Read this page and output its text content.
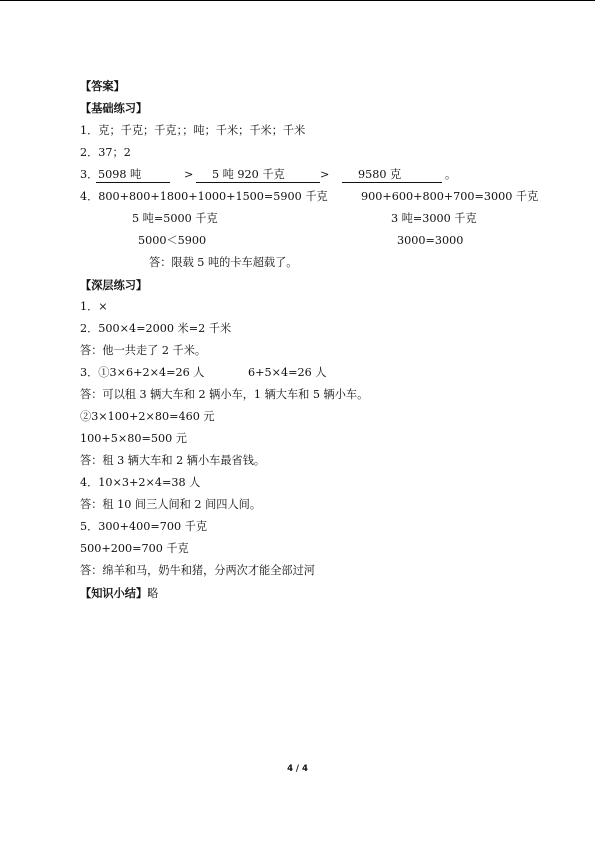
【答案】
【基础练习】
1．克；千克；千克；；吨；千米；千米；千米
2．37；2
3． 5098 吨	>	5 吨 920 千克	>	9580 克	。
4．800+800+1800+1000+1500=5900 千克	900+600+800+700=3000 千克
5 吨=5000 千克	3 吨=3000 千克
5000＜5900	3000=3000
答：限载 5 吨的卡车超载了。
【深层练习】
1．×
2．500×4=2000 米=2 千米
答：他一共走了 2 千米。
3．①3×6+2×4=26 人	6+5×4=26 人
答：可以租 3 辆大车和 2 辆小车，1 辆大车和 5 辆小车。
②3×100+2×80=460 元
100+5×80=500 元
答：租 3 辆大车和 2 辆小车最省钱。
4．10×3+2×4=38 人
答：租 10 间三人间和 2 间四人间。
5．300+400=700 千克
500+200=700 千克
答：绵羊和马，奶牛和猪，分两次才能全部过河
【知识小结】略
4 / 4
